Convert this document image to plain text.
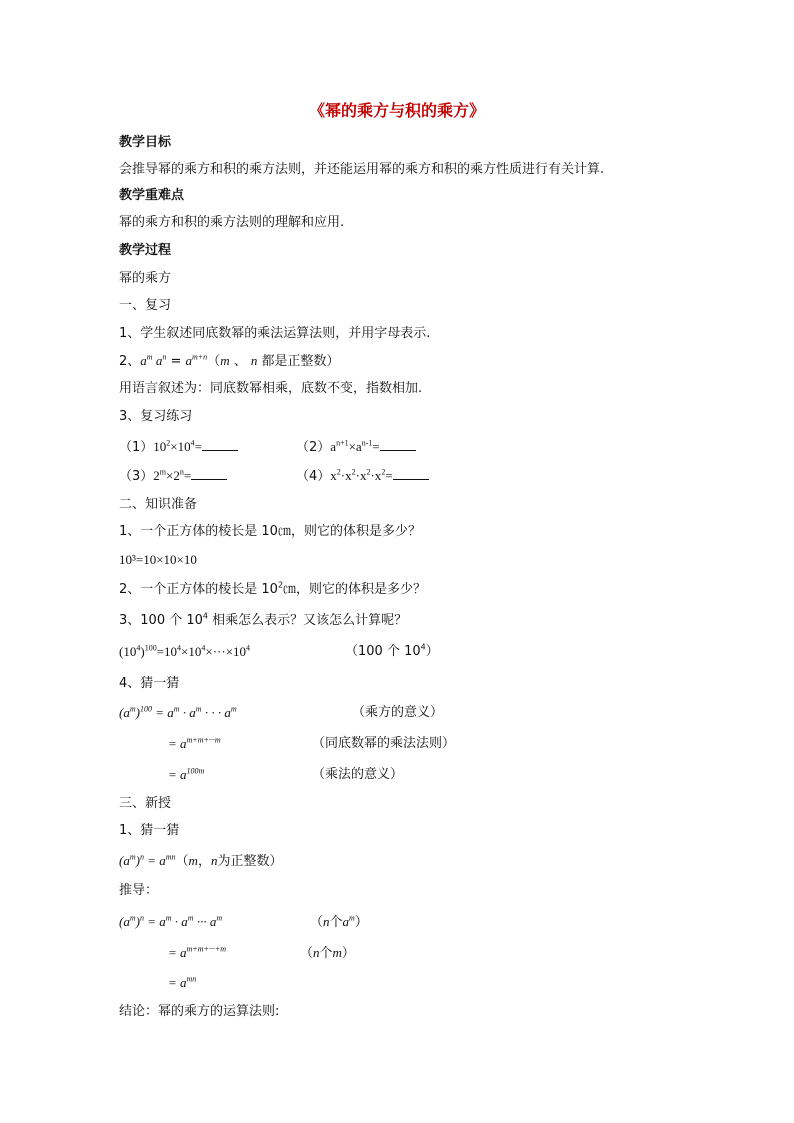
《幂的乘方与积的乘方》
教学目标
会推导幂的乘方和积的乘方法则，并还能运用幂的乘方和积的乘方性质进行有关计算.
教学重难点
幂的乘方和积的乘方法则的理解和应用.
教学过程
幂的乘方
一、复习
1、学生叙述同底数幂的乘法运算法则，并用字母表示.
2、$a^m$ $a^n = a^{m+n}(m$ 、 n 都是正整数）
用语言叙述为：同底数幂相乘，底数不变，指数相加.
3、复习练习
$(1)10^2\times 10^4=$	$(2)a^{n+1}\times a^{n-1}=$
$(3)2^m\times 2^n=$	$(4)x^2\cdot x^2\cdot x^2\cdot x^2=$
二、知识准备
1、一个正方体的棱长是 10㎝，则它的体积是多少？
10³=10×10×10
2、一个正方体的棱长是 $10^2㎝$，则它的体积是多少？
3、100 个 $10^4$ 相乘怎么表示？又该怎么计算呢？
$(10^4)^{100}=10^4\times 10^4\times\cdot\cdot\cdot\times 10^4$	（100 个 $10^4$）
4、猜一猜
$(a^m)^{100} = a^m \cdot a^m$ · · · $a^m$	（乘方的意义）
= $a^{m+m+\cdot\cdot\cdot m}$	（同底数幂的乘法法则）
= $a^{100m}$	（乘法的意义）
三、新授
1、猜一猜
$(a^m)^n = a^{mn}(m$，n为正整数）
推导：
$(a^m)^n = a^m \cdot a^m$ ··· $a^m$	（n个$a^m$）
= $a^{m+m+\cdot\cdot\cdot+m}$	（n个m）
= $a^{mn}$
结论：幂的乘方的运算法则:
